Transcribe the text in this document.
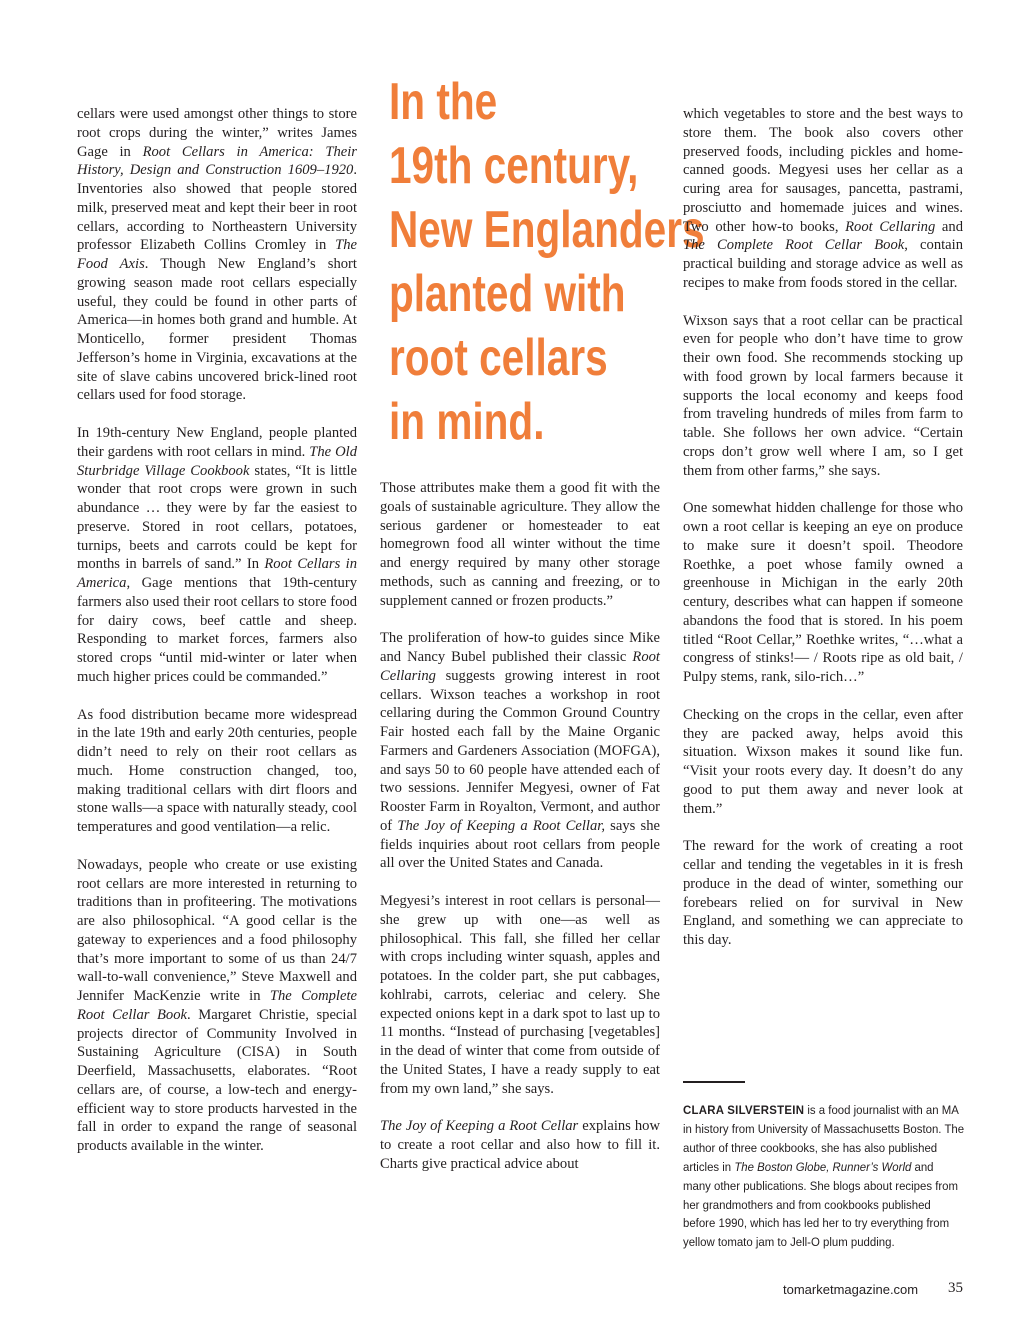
cellars were used amongst other things to store root crops during the winter,” writes James Gage in Root Cellars in America: Their History, Design and Construction 1609–1920. Inventories also showed that people stored milk, preserved meat and kept their beer in root cellars, according to Northeastern University professor Elizabeth Collins Cromley in The Food Axis. Though New England’s short growing season made root cellars especially useful, they could be found in other parts of America—in homes both grand and humble. At Monticello, former president Thomas Jefferson’s home in Virginia, excavations at the site of slave cabins uncovered brick-lined root cellars used for food storage.

In 19th-century New England, people planted their gardens with root cellars in mind. The Old Sturbridge Village Cookbook states, “It is little wonder that root crops were grown in such abundance … they were by far the easiest to preserve. Stored in root cellars, potatoes, turnips, beets and carrots could be kept for months in barrels of sand.” In Root Cellars in America, Gage mentions that 19th-century farmers also used their root cellars to store food for dairy cows, beef cattle and sheep. Responding to market forces, farmers also stored crops “until mid-winter or later when much higher prices could be commanded.”

As food distribution became more widespread in the late 19th and early 20th centuries, people didn’t need to rely on their root cellars as much. Home construction changed, too, making traditional cellars with dirt floors and stone walls—a space with naturally steady, cool temperatures and good ventilation—a relic.

Nowadays, people who create or use existing root cellars are more interested in returning to traditions than in profiteering. The motivations are also philosophical. “A good cellar is the gateway to experiences and a food philosophy that’s more important to some of us than 24/7 wall-to-wall convenience,” Steve Maxwell and Jennifer MacKenzie write in The Complete Root Cellar Book. Margaret Christie, special projects director of Community Involved in Sustaining Agriculture (CISA) in South Deerfield, Massachusetts, elaborates. “Root cellars are, of course, a low-tech and energy-efficient way to store products harvested in the fall in order to expand the range of seasonal products available in the winter.

In the
19th century,
New Englanders
planted with
root cellars
in mind.

Those attributes make them a good fit with the goals of sustainable agriculture. They allow the serious gardener or homesteader to eat homegrown food all winter without the time and energy required by many other storage methods, such as canning and freezing, or to supplement canned or frozen products.”

The proliferation of how-to guides since Mike and Nancy Bubel published their classic Root Cellaring suggests growing interest in root cellars. Wixson teaches a workshop in root cellaring during the Common Ground Country Fair hosted each fall by the Maine Organic Farmers and Gardeners Association (MOFGA), and says 50 to 60 people have attended each of two sessions. Jennifer Megyesi, owner of Fat Rooster Farm in Royalton, Vermont, and author of The Joy of Keeping a Root Cellar, says she fields inquiries about root cellars from people all over the United States and Canada.

Megyesi’s interest in root cellars is personal—she grew up with one—as well as philosophical. This fall, she filled her cellar with crops including winter squash, apples and potatoes. In the colder part, she put cabbages, kohlrabi, carrots, celeriac and celery. She expected onions kept in a dark spot to last up to 11 months. “Instead of purchasing [vegetables] in the dead of winter that come from outside of the United States, I have a ready supply to eat from my own land,” she says.

The Joy of Keeping a Root Cellar explains how to create a root cellar and also how to fill it. Charts give practical advice about

which vegetables to store and the best ways to store them. The book also covers other preserved foods, including pickles and home-canned goods. Megyesi uses her cellar as a curing area for sausages, pancetta, pastrami, prosciutto and homemade juices and wines. Two other how-to books, Root Cellaring and The Complete Root Cellar Book, contain practical building and storage advice as well as recipes to make from foods stored in the cellar.

Wixson says that a root cellar can be practical even for people who don’t have time to grow their own food. She recommends stocking up with food grown by local farmers because it supports the local economy and keeps food from traveling hundreds of miles from farm to table. She follows her own advice. “Certain crops don’t grow well where I am, so I get them from other farms,” she says.

One somewhat hidden challenge for those who own a root cellar is keeping an eye on produce to make sure it doesn’t spoil. Theodore Roethke, a poet whose family owned a greenhouse in Michigan in the early 20th century, describes what can happen if someone abandons the food that is stored. In his poem titled “Root Cellar,” Roethke writes, “…what a congress of stinks!— / Roots ripe as old bait, / Pulpy stems, rank, silo-rich…”

Checking on the crops in the cellar, even after they are packed away, helps avoid this situation. Wixson makes it sound like fun. “Visit your roots every day. It doesn’t do any good to put them away and never look at them.”

The reward for the work of creating a root cellar and tending the vegetables in it is fresh produce in the dead of winter, something our forebears relied on for survival in New England, and something we can appreciate to this day.

CLARA SILVERSTEIN is a food journalist with an MA in history from University of Massachusetts Boston. The author of three cookbooks, she has also published articles in The Boston Globe, Runner’s World and many other publications. She blogs about recipes from her grandmothers and from cookbooks published before 1990, which has led her to try everything from yellow tomato jam to Jell-O plum pudding.
tomarketmagazine.com 35
